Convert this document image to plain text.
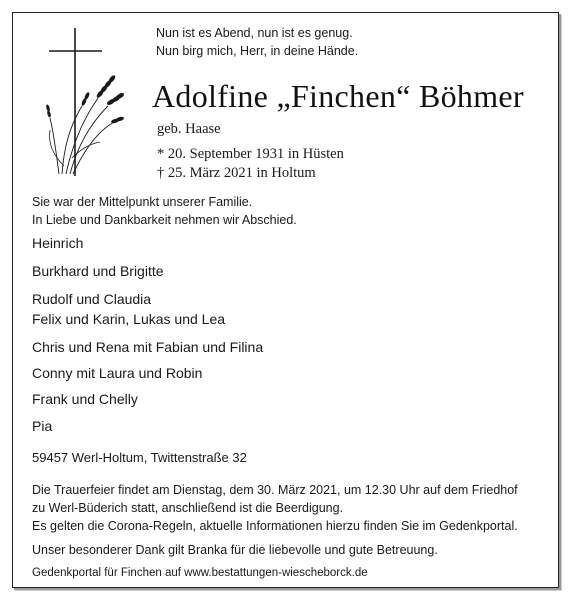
Nun ist es Abend, nun ist es genug.
Nun birg mich, Herr, in deine Hände.
Adolfine „Finchen“ Böhmer
geb. Haase
* 20. September 1931 in Hüsten
† 25. März 2021 in Holtum
Sie war der Mittelpunkt unserer Familie.
In Liebe und Dankbarkeit nehmen wir Abschied.
Heinrich
Burkhard und Brigitte
Rudolf und Claudia
Felix und Karin, Lukas und Lea
Chris und Rena mit Fabian und Filina
Conny mit Laura und Robin
Frank und Chelly
Pia
59457 Werl-Holtum, Twittenstraße 32
Die Trauerfeier findet am Dienstag, dem 30. März 2021, um 12.30 Uhr auf dem Friedhof
zu Werl-Büderich statt, anschließend ist die Beerdigung.
Es gelten die Corona-Regeln, aktuelle Informationen hierzu finden Sie im Gedenkportal.
Unser besonderer Dank gilt Branka für die liebevolle und gute Betreuung.
Gedenkportal für Finchen auf www.bestattungen-wiescheborck.de
